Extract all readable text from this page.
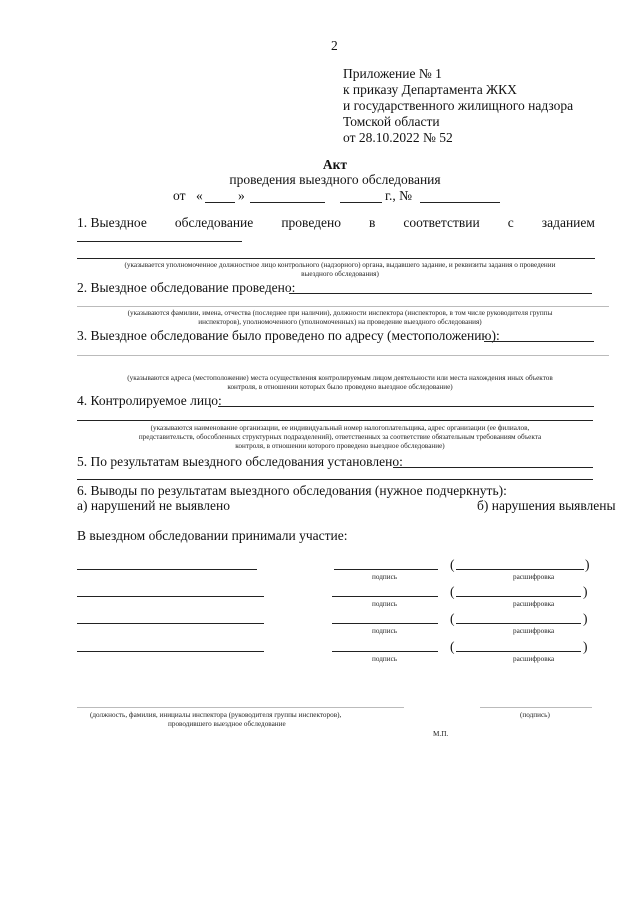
2
Приложение № 1
к приказу Департамента ЖКХ
и государственного жилищного надзора
Томской области
от 28.10.2022 № 52
Акт
проведения выездного обследования
от «	»	г., №
1. Выездное обследование проведено в соответствии с заданием
(указывается уполномоченное должностное лицо контрольного (надзорного) органа, выдавшего задание, и реквизиты задания о проведении
выездного обследования)
2. Выездное обследование проведено:
(указываются фамилии, имена, отчества (последнее при наличии), должности инспектора (инспекторов, в том числе руководителя группы
инспекторов), уполномоченного (уполномоченных) на проведение выездного обследования)
3. Выездное обследование было проведено по адресу (местоположению):
(указываются адреса (местоположение) места осуществления контролируемым лицом деятельности или места нахождения иных объектов
контроля, в отношении которых было проведено выездное обследование)
4. Контролируемое лицо:
(указываются наименование организации, ее индивидуальный номер налогоплательщика, адрес организации (ее филиалов,
представительств, обособленных структурных подразделений), ответственных за соответствие обязательным требованиям объекта
контроля, в отношении которого проведено выездное обследование)
5. По результатам выездного обследования установлено:
6. Выводы по результатам выездного обследования (нужное подчеркнуть):
а) нарушений не выявлено	б) нарушения выявлены
В выездном обследовании принимали участие:
(	)
подпись	расшифровка
(	)
подпись	расшифровка
(	)
подпись	расшифровка
(	)
подпись	расшифровка
(должность, фамилия, инициалы инспектора (руководителя группы инспекторов),
проводившего выездное обследование
(подпись)
М.П.
